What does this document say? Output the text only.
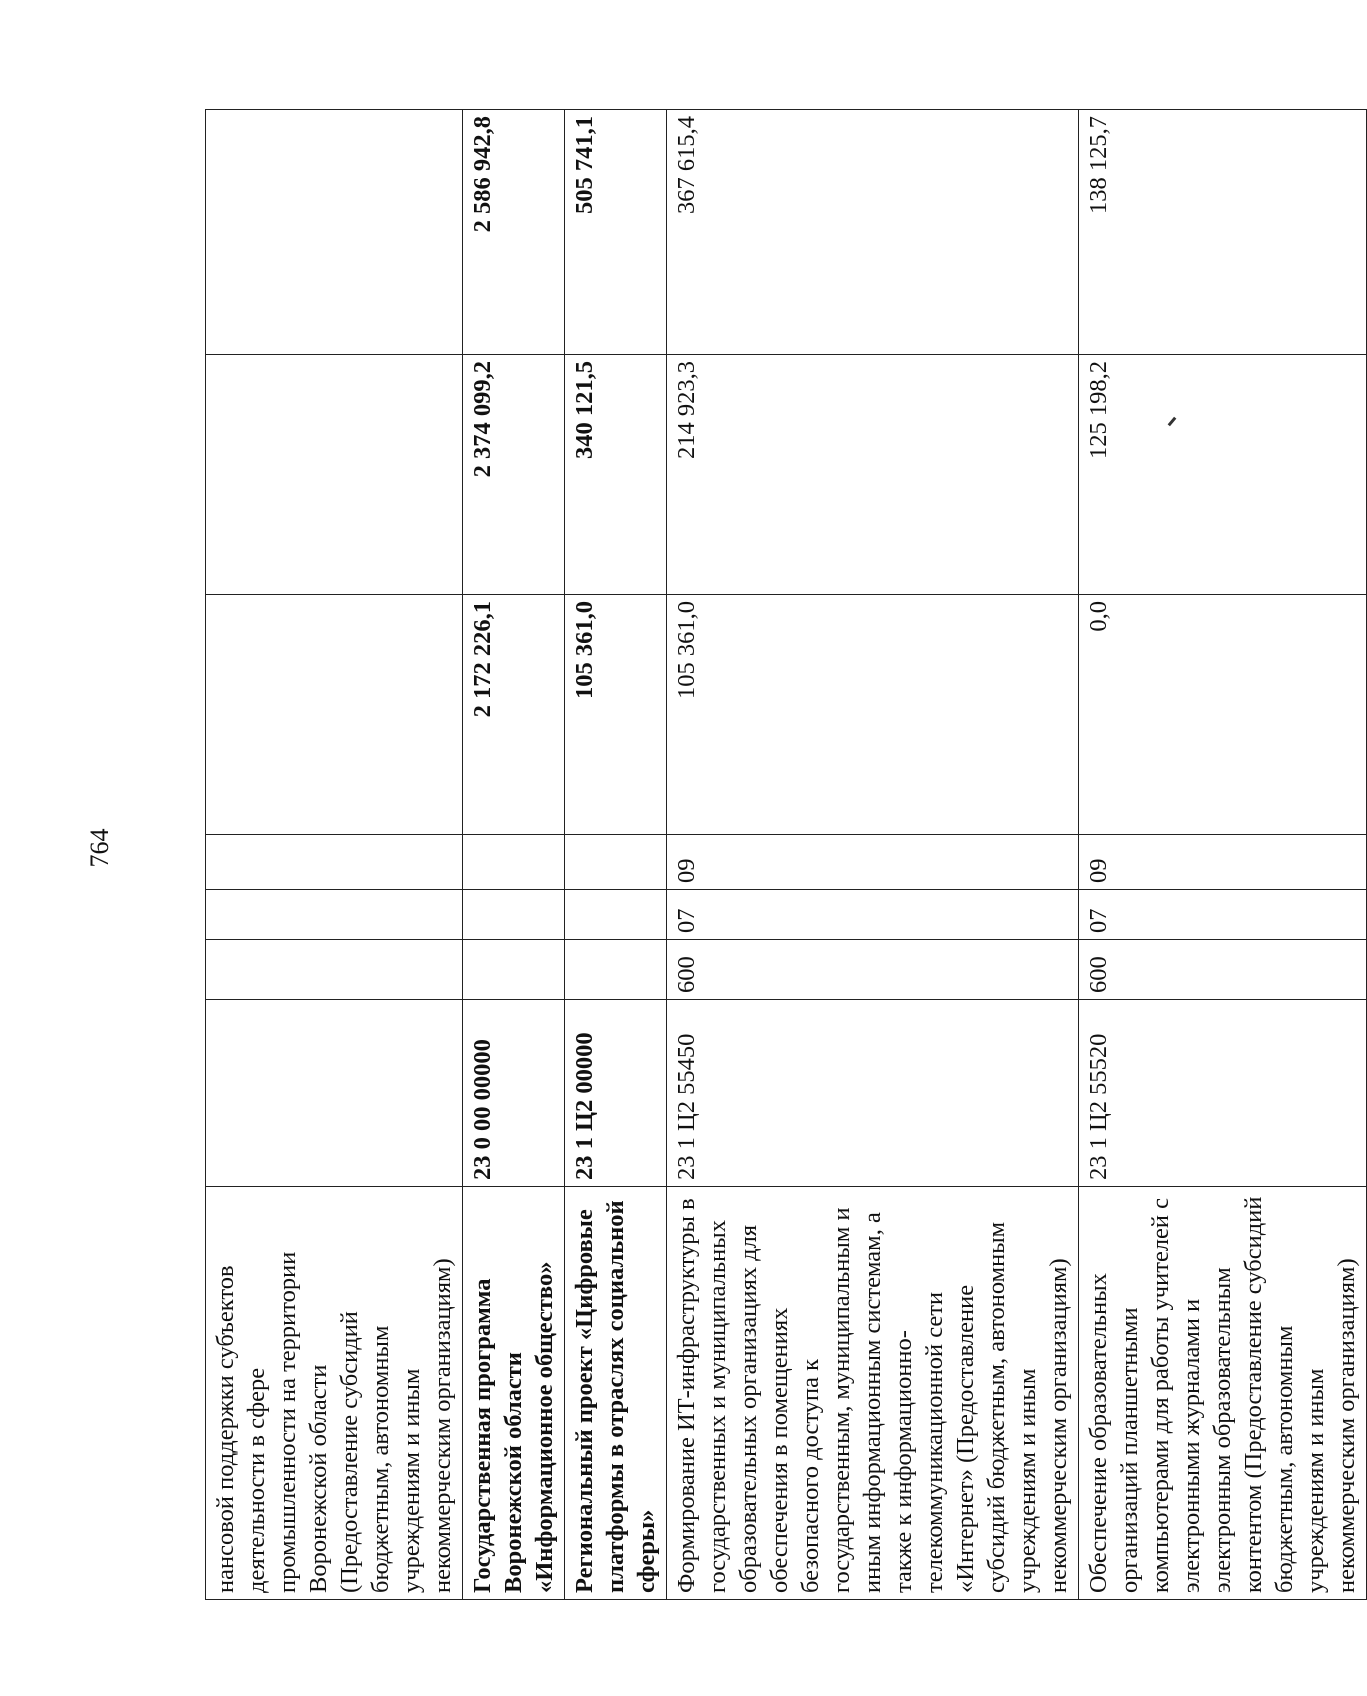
764
нансовой поддержки субъектов деятельности в сфере промышленности на территории Воронежской области (Предоставление субсидий бюджетным, автономным учреждениям и иным некоммерческим организациям)							
Государственная программа Воронежской области «Информационное общество»	23 0 00 00000				2 172 226,1	2 374 099,2	2 586 942,8
Региональный проект «Цифровые платформы в отраслях социальной сферы»	23 1 Ц2 00000				105 361,0	340 121,5	505 741,1
Формирование ИТ-инфраструктуры в государственных и муниципальных образовательных организациях для обеспечения в помещениях безопасного доступа к государственным, муниципальным и иным информационным системам, а также к информационно-телекоммуникационной сети «Интернет» (Предоставление субсидий бюджетным, автономным учреждениям и иным некоммерческим организациям)	23 1 Ц2 55450	600	07	09	105 361,0	214 923,3	367 615,4
Обеспечение образовательных организаций планшетными компьютерами для работы учителей с электронными журналами и электронным образовательным контентом (Предоставление субсидий бюджетным, автономным учреждениям и иным некоммерческим организациям)	23 1 Ц2 55520	600	07	09	0,0	125 198,2	138 125,7
